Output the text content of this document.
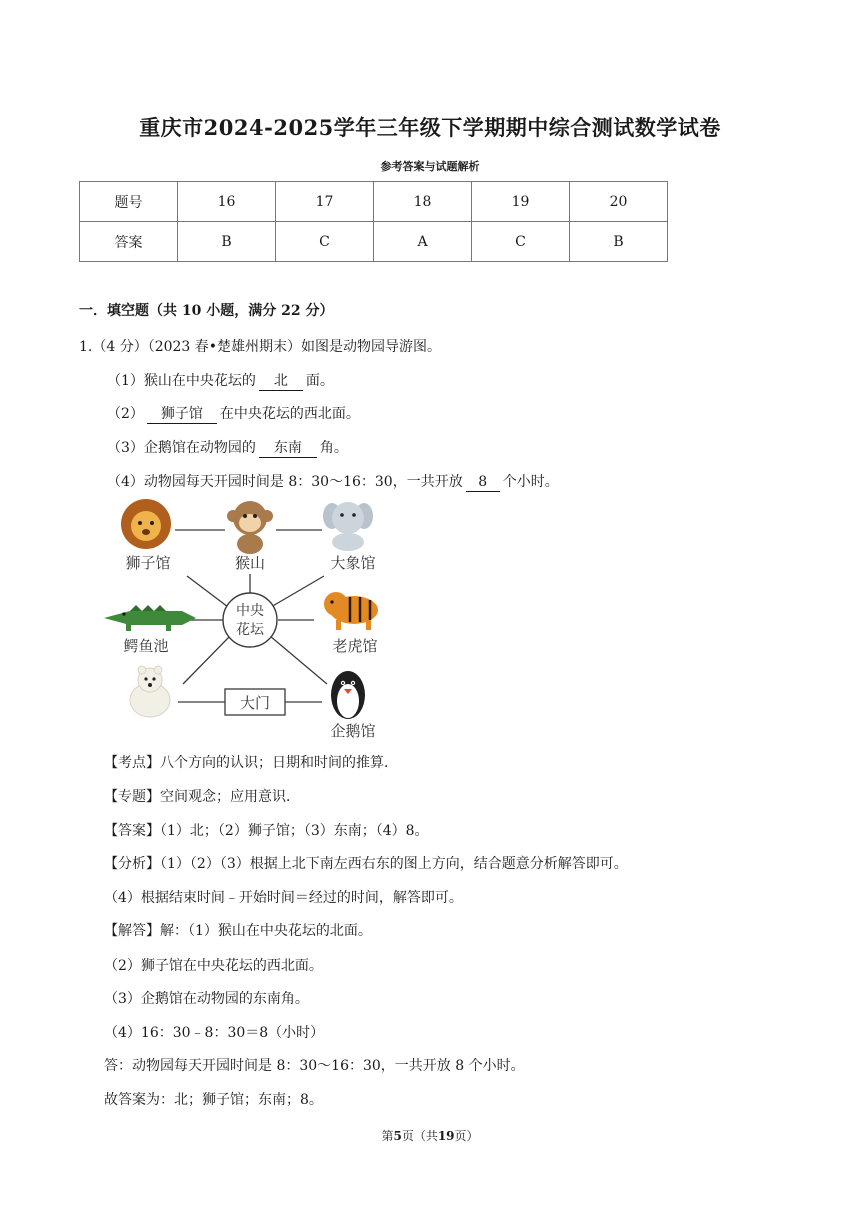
重庆市2024-2025学年三年级下学期期中综合测试数学试卷
参考答案与试题解析
题号	16	17	18	19	20
答案	B	C	A	C	B
一．填空题（共 10 小题，满分 22 分）
1.（4 分）（2023 春•楚雄州期末）如图是动物园导游图。
（1）猴山在中央花坛的 北 面。
（2） 狮子馆 在中央花坛的西北面。
（3）企鹅馆在动物园的 东南 角。
（4）动物园每天开园时间是 8：30～16：30，一共开放 8 个小时。
狮子馆	猴山	大象馆
中央
花坛
鳄鱼池	老虎馆
大门
企鹅馆
【考点】八个方向的认识；日期和时间的推算．
【专题】空间观念；应用意识．
【答案】（1）北；（2）狮子馆；（3）东南；（4）8。
【分析】（1）（2）（3）根据上北下南左西右东的图上方向，结合题意分析解答即可。
（4）根据结束时间﹣开始时间＝经过的时间，解答即可。
【解答】解：（1）猴山在中央花坛的北面。
（2）狮子馆在中央花坛的西北面。
（3）企鹅馆在动物园的东南角。
（4）16：30﹣8：30＝8（小时）
答：动物园每天开园时间是 8：30～16：30，一共开放 8 个小时。
故答案为：北；狮子馆；东南；8。
第5页（共19页）
